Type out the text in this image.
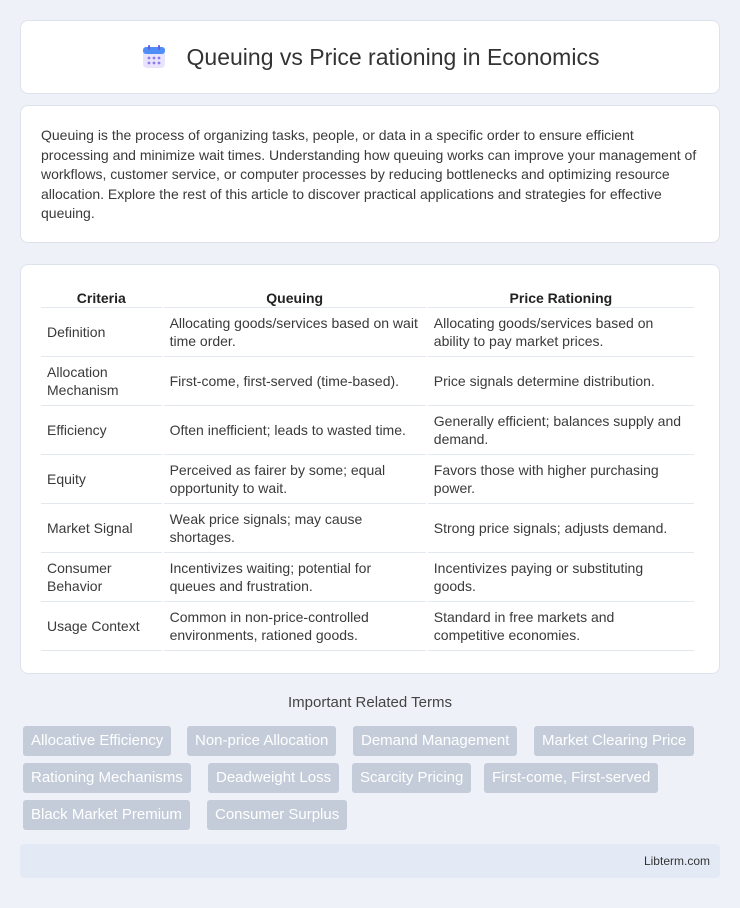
Queuing vs Price rationing in Economics

Queuing is the process of organizing tasks, people, or data in a specific order to ensure efficient processing and minimize wait times. Understanding how queuing works can improve your management of workflows, customer service, or computer processes by reducing bottlenecks and optimizing resource allocation. Explore the rest of this article to discover practical applications and strategies for effective queuing.

Criteria	Queuing	Price Rationing
Definition	Allocating goods/services based on wait time order.	Allocating goods/services based on ability to pay market prices.
Allocation Mechanism	First-come, first-served (time-based).	Price signals determine distribution.
Efficiency	Often inefficient; leads to wasted time.	Generally efficient; balances supply and demand.
Equity	Perceived as fairer by some; equal opportunity to wait.	Favors those with higher purchasing power.
Market Signal	Weak price signals; may cause shortages.	Strong price signals; adjusts demand.
Consumer Behavior	Incentivizes waiting; potential for queues and frustration.	Incentivizes paying or substituting goods.
Usage Context	Common in non-price-controlled environments, rationed goods.	Standard in free markets and competitive economies.
Important Related Terms
Allocative Efficiency	Non-price Allocation	Demand Management	Market Clearing Price
Rationing Mechanisms	Deadweight Loss	Scarcity Pricing	First-come, First-served
Black Market Premium	Consumer Surplus
Libterm.com
